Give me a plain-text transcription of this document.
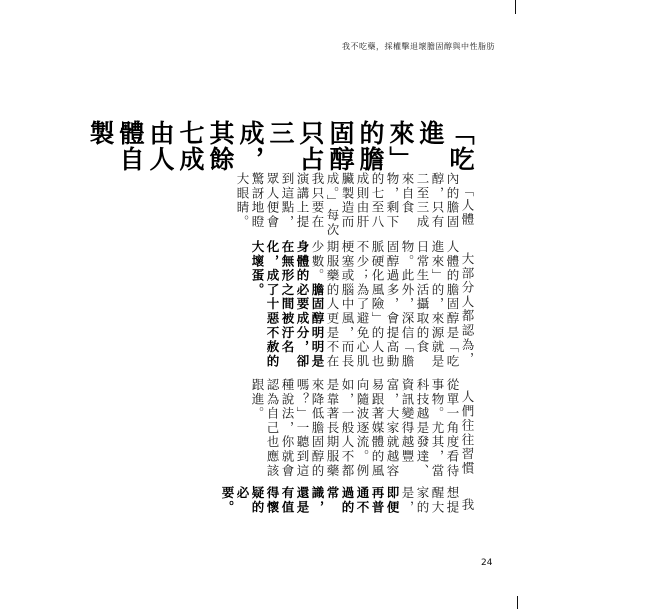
我不吃藥，採權擊退壞膽固醇與中性脂肪
「吃進來」的膽固醇只占三成，其餘七成由人體自製

「人體內的膽固醇，只有二至三成來自食物，剩下的七至八成則由肝臟製造而成。」每次我只要在演講上提到這點，眾人便會驚訝地瞪大眼睛。

大部分人都認為，人體的膽固醇是「吃進來」的，來源就是日常生活攝取的食物。此外，深信「膽固醇過多，會提高動脈硬化風險」的人也不少；為了避免心肌梗塞或腦中風，而長期服藥的人更是不在少數。膽固醇明明是身體的必要成分，卻在無形之間被汙名化，成了十惡不赦的大壞蛋。

人們往往習慣從單一角度看待事物。尤其，當科技越是發達、資訊變得越豐富，大家就越容易跟著媒體的風向隨波逐流。例如，一般人不都是靠著長期服藥來降低膽固醇的嗎？」一聽到這種說法，你就會認為自己也應該跟進。

我想提醒大家的是，即便再普通不過的常識，還是有值得懷疑的必要。

24
